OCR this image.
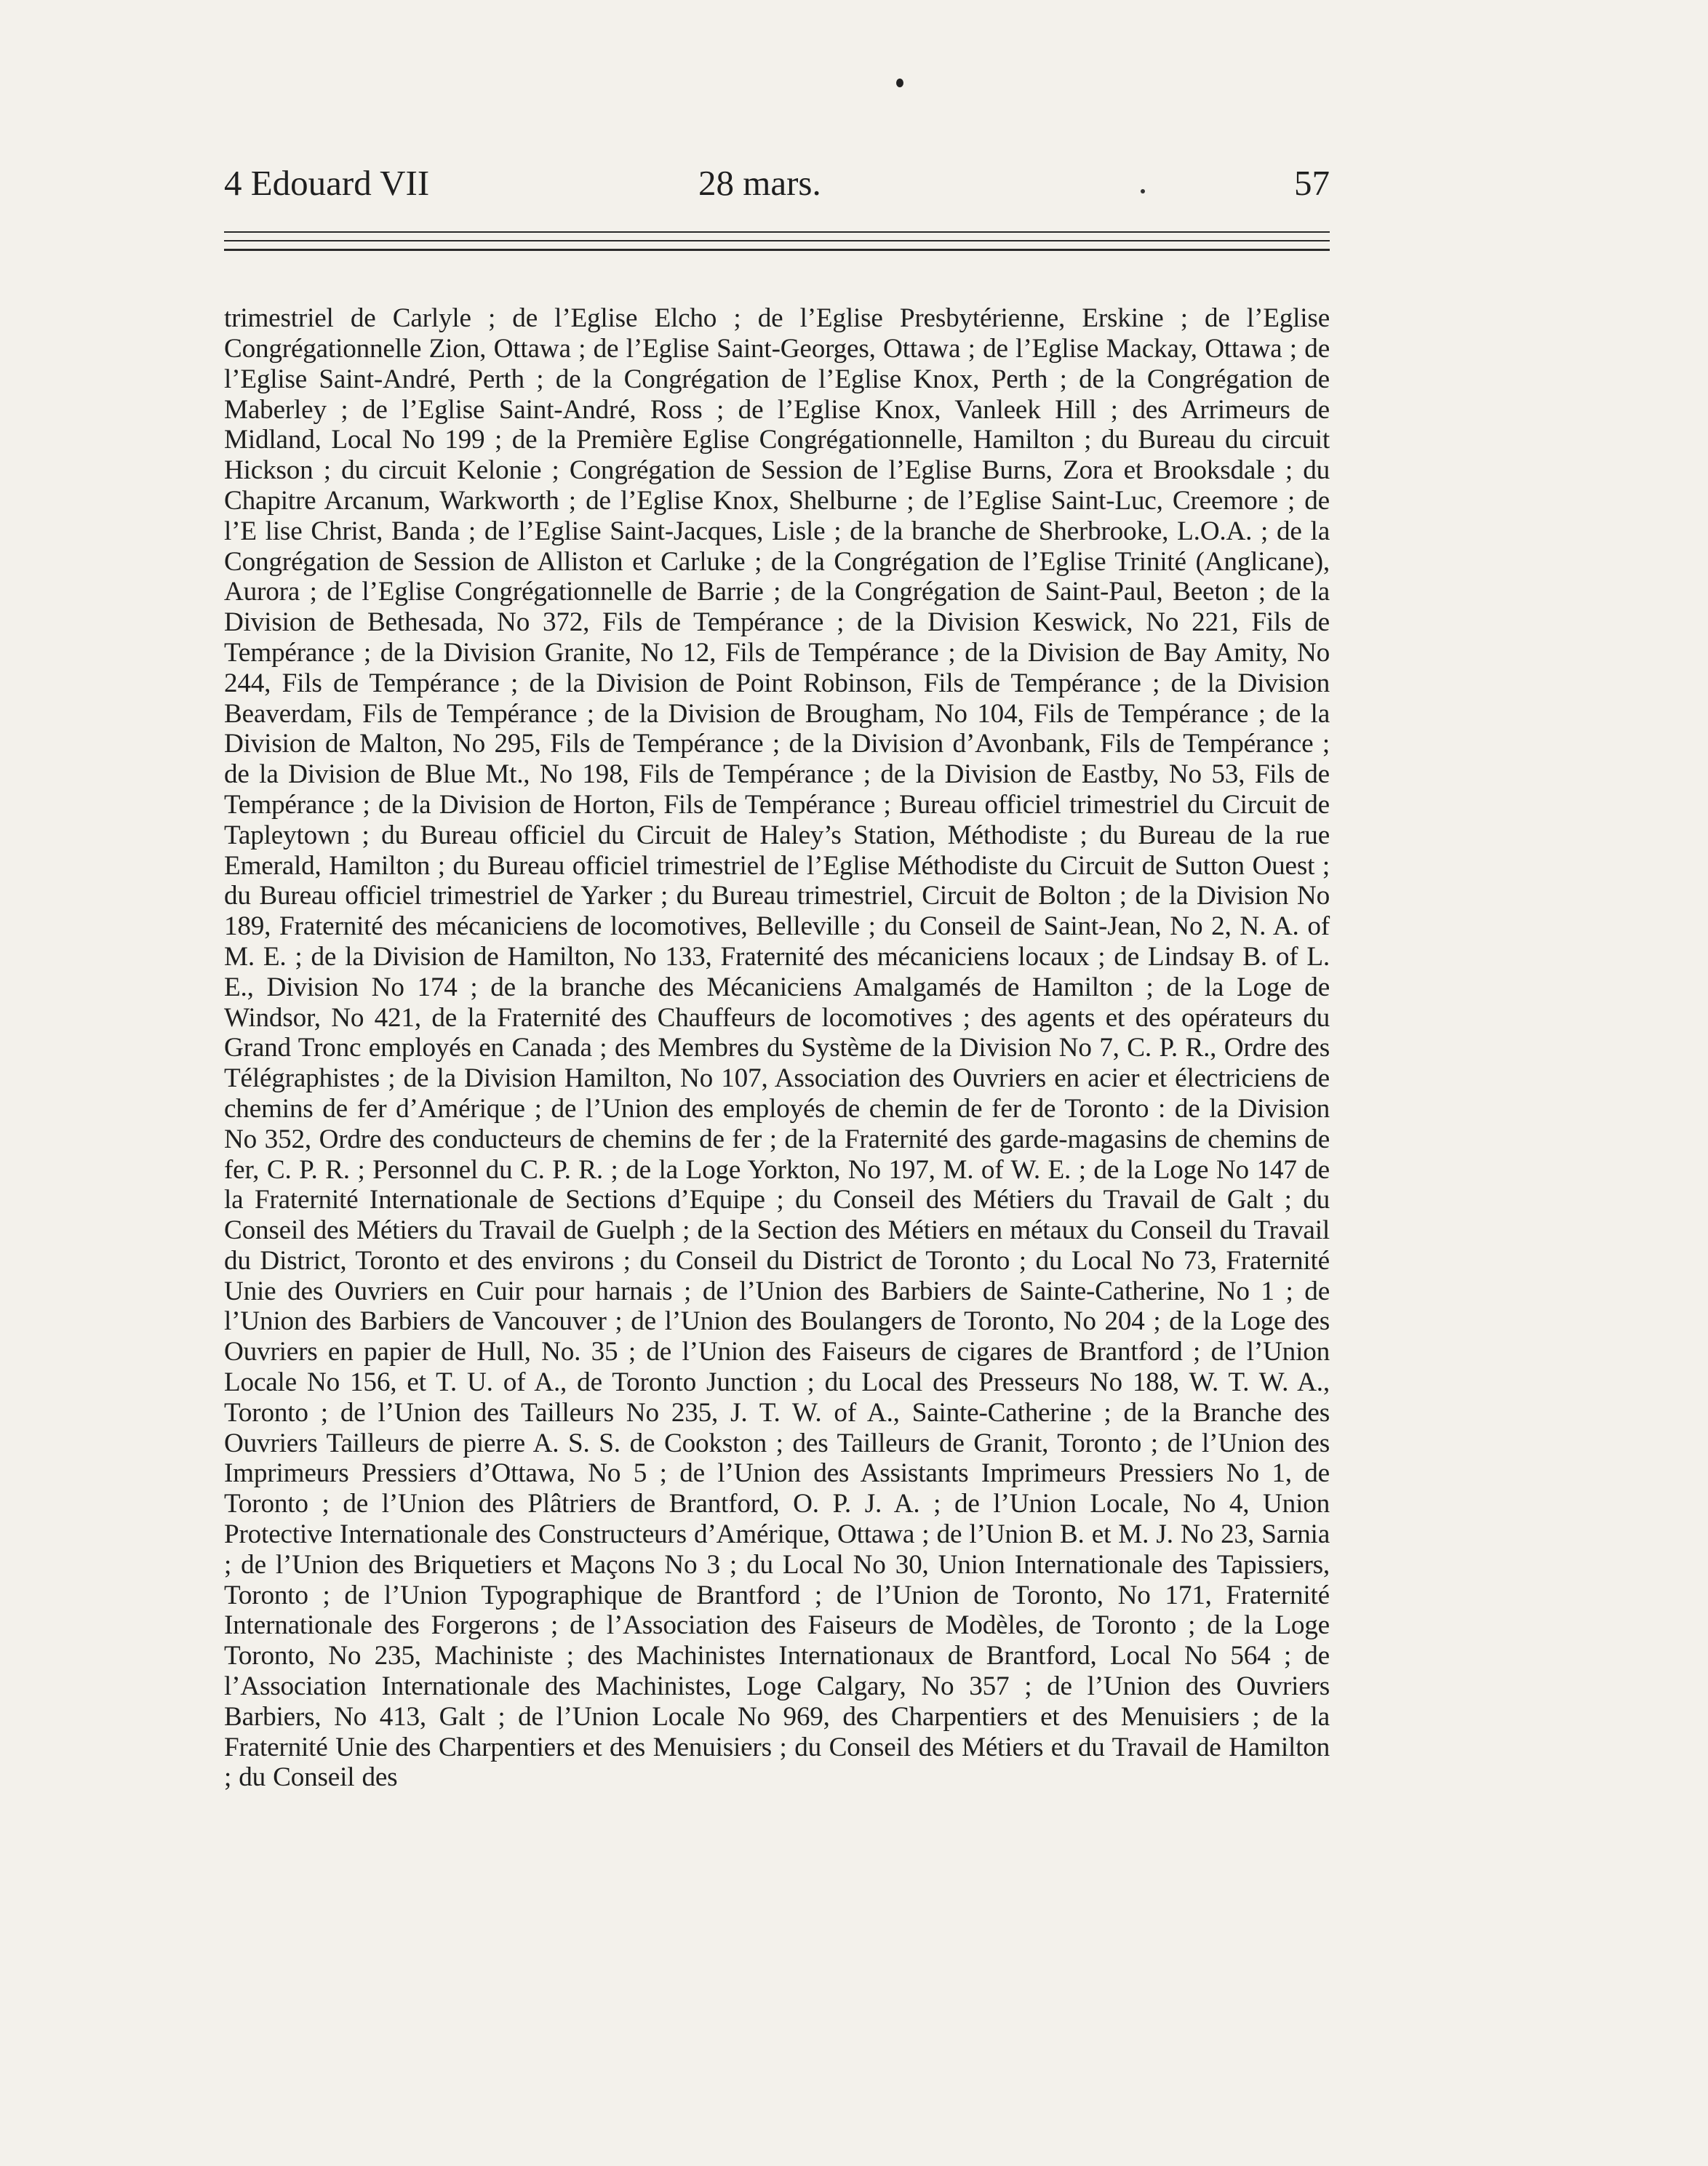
4 Edouard VII	28 mars.	57

trimestriel de Carlyle ; de l’Eglise Elcho ; de l’Eglise Presbytérienne, Erskine ; de l’Eglise Congrégationnelle Zion, Ottawa ; de l’Eglise Saint-Georges, Ottawa ; de l’Eglise Mackay, Ottawa ; de l’Eglise Saint-André, Perth ; de la Congrégation de l’Eglise Knox, Perth ; de la Congrégation de Maberley ; de l’Eglise Saint-André, Ross ; de l’Eglise Knox, Vanleek Hill ; des Arrimeurs de Midland, Local No 199 ; de la Première Eglise Congrégationnelle, Hamilton ; du Bureau du circuit Hickson ; du circuit Kelonie ; Congrégation de Session de l’Eglise Burns, Zora et Brooksdale ; du Chapitre Arcanum, Warkworth ; de l’Eglise Knox, Shelburne ; de l’Eglise Saint-Luc, Creemore ; de l’E lise Christ, Banda ; de l’Eglise Saint-Jacques, Lisle ; de la branche de Sherbrooke, L.O.A. ; de la Congrégation de Session de Alliston et Carluke ; de la Congrégation de l’Eglise Trinité (Anglicane), Aurora ; de l’Eglise Congrégationnelle de Barrie ; de la Congrégation de Saint-Paul, Beeton ; de la Division de Bethesada, No 372, Fils de Tempérance ; de la Division Keswick, No 221, Fils de Tempérance ; de la Division Granite, No 12, Fils de Tempérance ; de la Division de Bay Amity, No 244, Fils de Tempérance ; de la Division de Point Robinson, Fils de Tempérance ; de la Division Beaverdam, Fils de Tempérance ; de la Division de Brougham, No 104, Fils de Tempérance ; de la Division de Malton, No 295, Fils de Tempérance ; de la Division d’Avonbank, Fils de Tempérance ; de la Division de Blue Mt., No 198, Fils de Tempérance ; de la Division de Eastby, No 53, Fils de Tempérance ; de la Division de Horton, Fils de Tempérance ; Bureau officiel trimestriel du Circuit de Tapleytown ; du Bureau officiel du Circuit de Haley’s Station, Méthodiste ; du Bureau de la rue Emerald, Hamilton ; du Bureau officiel trimestriel de l’Eglise Méthodiste du Circuit de Sutton Ouest ; du Bureau officiel trimestriel de Yarker ; du Bureau trimestriel, Circuit de Bolton ; de la Division No 189, Fraternité des mécaniciens de locomotives, Belleville ; du Conseil de Saint-Jean, No 2, N. A. of M. E. ; de la Division de Hamilton, No 133, Fraternité des mécaniciens locaux ; de Lindsay B. of L. E., Division No 174 ; de la branche des Mécaniciens Amalgamés de Hamilton ; de la Loge de Windsor, No 421, de la Fraternité des Chauffeurs de locomotives ; des agents et des opérateurs du Grand Tronc employés en Canada ; des Membres du Système de la Division No 7, C. P. R., Ordre des Télégraphistes ; de la Division Hamilton, No 107, Association des Ouvriers en acier et électriciens de chemins de fer d’Amérique ; de l’Union des employés de chemin de fer de Toronto : de la Division No 352, Ordre des conducteurs de chemins de fer ; de la Fraternité des garde-magasins de chemins de fer, C. P. R. ; Personnel du C. P. R. ; de la Loge Yorkton, No 197, M. of W. E. ; de la Loge No 147 de la Fraternité Internationale de Sections d’Equipe ; du Conseil des Métiers du Travail de Galt ; du Conseil des Métiers du Travail de Guelph ; de la Section des Métiers en métaux du Conseil du Travail du District, Toronto et des environs ; du Conseil du District de Toronto ; du Local No 73, Fraternité Unie des Ouvriers en Cuir pour harnais ; de l’Union des Barbiers de Sainte-Catherine, No 1 ; de l’Union des Barbiers de Vancouver ; de l’Union des Boulangers de Toronto, No 204 ; de la Loge des Ouvriers en papier de Hull, No. 35 ; de l’Union des Faiseurs de cigares de Brantford ; de l’Union Locale No 156, et T. U. of A., de Toronto Junction ; du Local des Presseurs No 188, W. T. W. A., Toronto ; de l’Union des Tailleurs No 235, J. T. W. of A., Sainte-Catherine ; de la Branche des Ouvriers Tailleurs de pierre A. S. S. de Cookston ; des Tailleurs de Granit, Toronto ; de l’Union des Imprimeurs Pressiers d’Ottawa, No 5 ; de l’Union des Assistants Imprimeurs Pressiers No 1, de Toronto ; de l’Union des Plâtriers de Brantford, O. P. J. A. ; de l’Union Locale, No 4, Union Protective Internationale des Constructeurs d’Amérique, Ottawa ; de l’Union B. et M. J. No 23, Sarnia ; de l’Union des Briquetiers et Maçons No 3 ; du Local No 30, Union Internationale des Tapissiers, Toronto ; de l’Union Typographique de Brantford ; de l’Union de Toronto, No 171, Fraternité Internationale des Forgerons ; de l’Association des Faiseurs de Modèles, de Toronto ; de la Loge Toronto, No 235, Machiniste ; des Machinistes Internationaux de Brantford, Local No 564 ; de l’Association Internationale des Machinistes, Loge Calgary, No 357 ; de l’Union des Ouvriers Barbiers, No 413, Galt ; de l’Union Locale No 969, des Charpentiers et des Menuisiers ; de la Fraternité Unie des Charpentiers et des Menuisiers ; du Conseil des Métiers et du Travail de Hamilton ; du Conseil des
